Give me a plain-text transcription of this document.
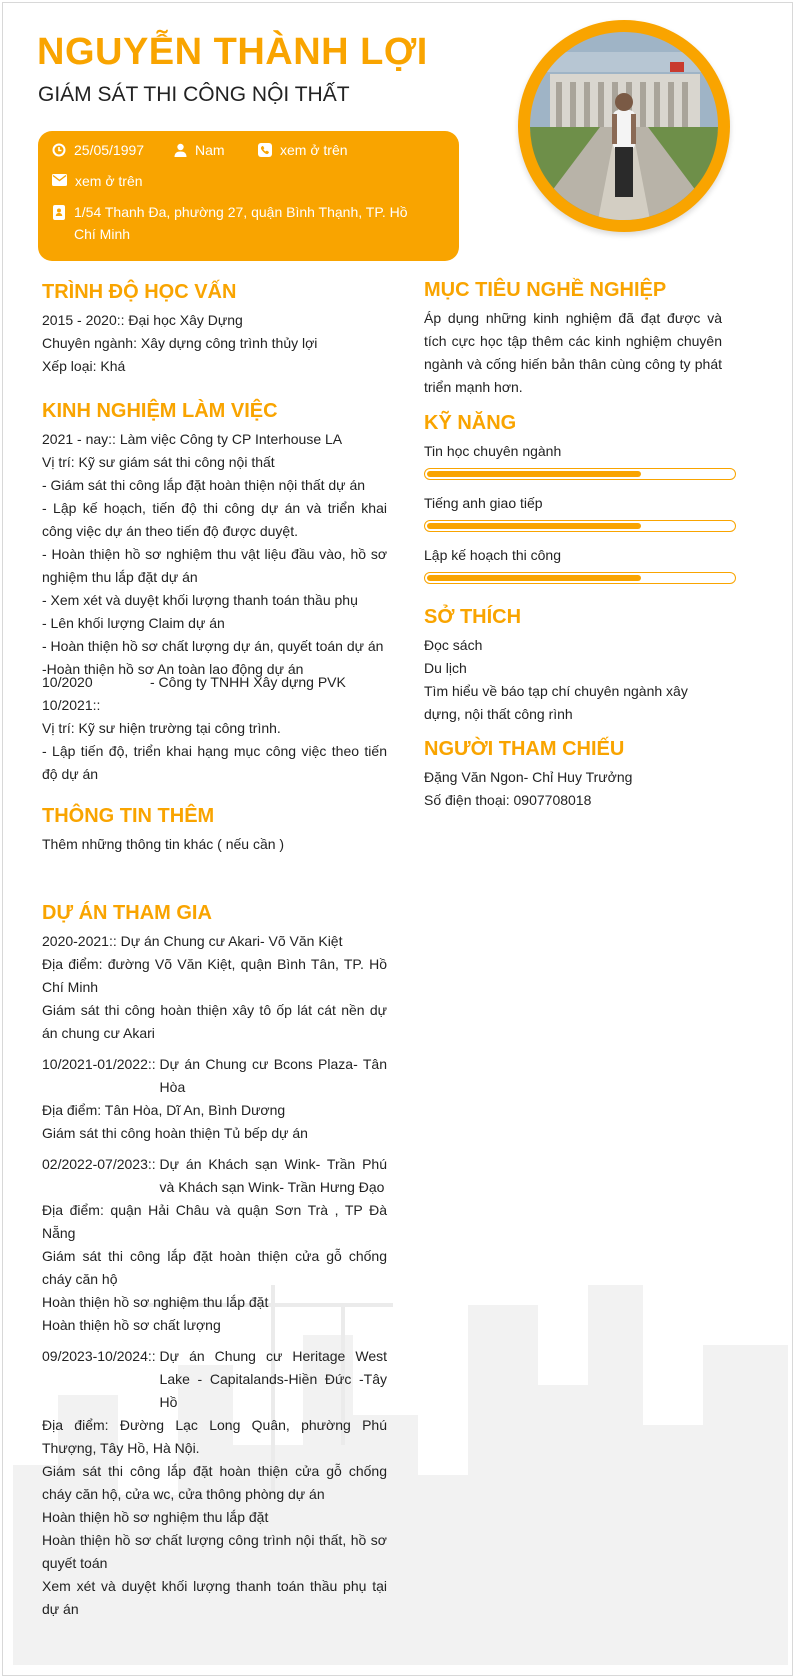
NGUYỄN THÀNH LỢI
GIÁM SÁT THI CÔNG NỘI THẤT
25/05/1997	Nam	xem ở trên
xem ở trên
1/54 Thanh Đa, phường 27, quận Bình Thạnh, TP. Hồ Chí Minh
TRÌNH ĐỘ HỌC VẤN
2015 - 2020:: Đại học Xây Dựng
Chuyên ngành: Xây dựng công trình thủy lợi
Xếp loại: Khá
KINH NGHIỆM LÀM VIỆC
2021 - nay::
Làm việc Công ty CP Interhouse LA
Vị trí: Kỹ sư giám sát thi công nội thất
- Giám sát thi công lắp đặt hoàn thiện nội thất dự án
- Lập kế hoạch, tiến độ thi công dự án và triển khai công việc dự án theo tiến độ được duyệt.
- Hoàn thiện hồ sơ nghiệm thu vật liệu đầu vào, hồ sơ nghiệm thu lắp đặt dự án
- Xem xét và duyệt khối lượng thanh toán thầu phụ
- Lên khối lượng Claim dự án
- Hoàn thiện hồ sơ chất lượng dự án, quyết toán dự án
-Hoàn thiện hồ sơ An toàn lao động dự án
10/2020	- Công ty TNHH Xây dựng PVK
10/2021::
Vị trí: Kỹ sư hiện trường tại công trình.
- Lập tiến độ, triển khai hạng mục công việc theo tiến độ dự án
THÔNG TIN THÊM
Thêm những thông tin khác ( nếu cần )
DỰ ÁN THAM GIA
2020-2021::
Dự án Chung cư Akari- Võ Văn Kiệt
Địa điểm: đường Võ Văn Kiệt, quận Bình Tân, TP. Hồ Chí Minh
Giám sát thi công hoàn thiện xây tô ốp lát cát nền dự án chung cư Akari
10/2021-01/2022::
Dự án Chung cư Bcons Plaza- Tân Hòa
Địa điểm: Tân Hòa, Dĩ An, Bình Dương
Giám sát thi công hoàn thiện Tủ bếp dự án
02/2022-07/2023::
Dự án Khách sạn Wink- Trần Phú và Khách sạn Wink- Trần Hưng Đạo
Địa điểm: quận Hải Châu và quận Sơn Trà , TP Đà Nẵng
Giám sát thi công lắp đặt hoàn thiện cửa gỗ chống cháy căn hộ
Hoàn thiện hồ sơ nghiệm thu lắp đặt
Hoàn thiện hồ sơ chất lượng
09/2023-10/2024::
Dự án Chung cư Heritage West Lake - Capitalands-Hiền Đức -Tây Hồ
Địa điểm: Đường Lạc Long Quân, phường Phú Thượng, Tây Hồ, Hà Nội.
Giám sát thi công lắp đặt hoàn thiện cửa gỗ chống cháy căn hộ, cửa wc, cửa thông phòng dự án
Hoàn thiện hồ sơ nghiệm thu lắp đặt
Hoàn thiện hồ sơ chất lượng công trình nội thất, hồ sơ quyết toán
Xem xét và duyệt khối lượng thanh toán thầu phụ tại dự án
MỤC TIÊU NGHỀ NGHIỆP
Áp dụng những kinh nghiệm đã đạt được và tích cực học tập thêm các kinh nghiệm chuyên ngành và cống hiến bản thân cùng công ty phát triển mạnh hơn.
KỸ NĂNG
Tin học chuyên ngành
Tiếng anh giao tiếp
Lập kế hoạch thi công
SỞ THÍCH
Đọc sách
Du lịch
Tìm hiểu về báo tạp chí chuyên ngành xây dựng, nội thất công rình
NGƯỜI THAM CHIẾU
Đặng Văn Ngon- Chỉ Huy Trưởng
Số điện thoại: 0907708018
